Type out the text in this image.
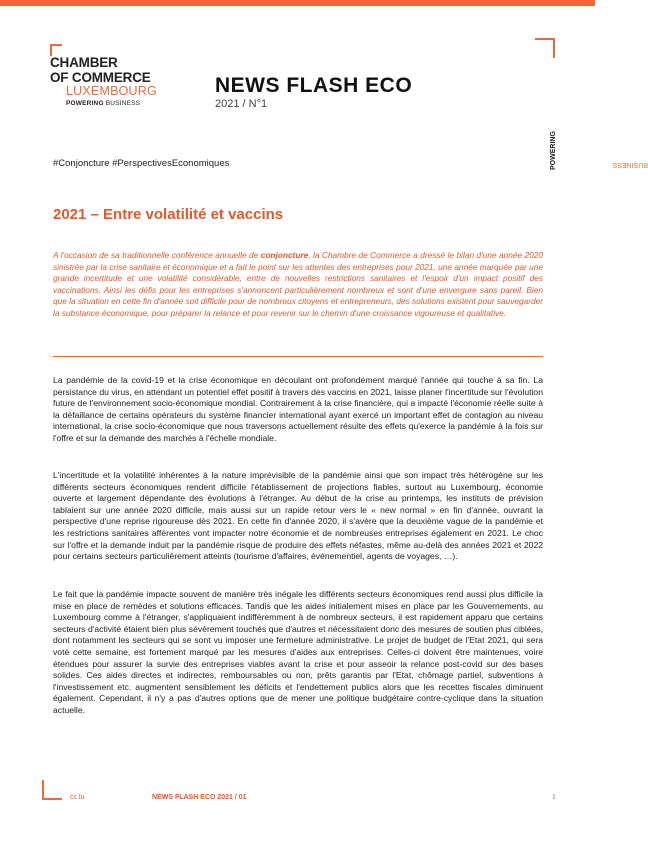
CHAMBER
OF COMMERCE
LUXEMBOURG
POWERING BUSINESS
NEWS FLASH ECO
2021 / N°1
POWERING	BUSINESS
#Conjoncture #PerspectivesEconomiques
2021 – Entre volatilité et vaccins
A l'occasion de sa traditionnelle conférence annuelle de conjoncture, la Chambre de Commerce a dressé le bilan d'une année 2020 sinistrée par la crise sanitaire et économique et a fait le point sur les attentes des entreprises pour 2021, une année marquée par une grande incertitude et une volatilité considérable, entre de nouvelles restrictions sanitaires et l'espoir d'un impact positif des vaccinations. Ainsi les défis pour les entreprises s'annoncent particulièrement nombreux et sont d'une envergure sans pareil. Bien que la situation en cette fin d'année soit difficile pour de nombreux citoyens et entrepreneurs, des solutions existent pour sauvegarder la substance économique, pour préparer la relance et pour revenir sur le chemin d'une croissance vigoureuse et qualitative.
La pandémie de la covid-19 et la crise économique en découlant ont profondément marqué l'année qui touche à sa fin. La persistance du virus, en attendant un potentiel effet positif à travers des vaccins en 2021, laisse planer l'incertitude sur l'évolution future de l'environnement socio-économique mondial. Contrairement à la crise financière, qui a impacté l'économie réelle suite à la défaillance de certains opérateurs du système financier international ayant exercé un important effet de contagion au niveau international, la crise socio-économique que nous traversons actuellement résulte des effets qu'exerce la pandémie à la fois sur l'offre et sur la demande des marchés à l'échelle mondiale.
L'incertitude et la volatilité inhérentes à la nature imprévisible de la pandémie ainsi que son impact très hétérogène sur les différents secteurs économiques rendent difficile l'établissement de projections fiables, surtout au Luxembourg, économie ouverte et largement dépendante des évolutions à l'étranger. Au début de la crise au printemps, les instituts de prévision tablaient sur une année 2020 difficile, mais aussi sur un rapide retour vers le « new normal » en fin d'année, ouvrant la perspective d'une reprise rigoureuse dès 2021. En cette fin d'année 2020, il s'avère que la deuxième vague de la pandémie et les restrictions sanitaires afférentes vont impacter notre économie et de nombreuses entreprises également en 2021. Le choc sur l'offre et la demande induit par la pandémie risque de produire des effets néfastes, même au-delà des années 2021 et 2022 pour certains secteurs particulièrement atteints (tourisme d'affaires, événementiel, agents de voyages, …).
Le fait que la pandémie impacte souvent de manière très inégale les différents secteurs économiques rend aussi plus difficile la mise en place de remèdes et solutions efficaces. Tandis que les aides initialement mises en place par les Gouvernements, au Luxembourg comme à l'étranger, s'appliquaient indifféremment à de nombreux secteurs, il est rapidement apparu que certains secteurs d'activité étaient bien plus sévèrement touchés que d'autres et nécessitaient donc des mesures de soutien plus ciblées, dont notamment les secteurs qui se sont vu imposer une fermeture administrative. Le projet de budget de l'Etat 2021, qui sera voté cette semaine, est fortement marqué par les mesures d'aides aux entreprises. Celles-ci doivent être maintenues, voire étendues pour assurer la survie des entreprises viables avant la crise et pour asseoir la relance post-covid sur des bases solides. Ces aides directes et indirectes, remboursables ou non, prêts garantis par l'Etat, chômage partiel, subventions à l'investissement etc. augmentent sensiblement les déficits et l'endettement publics alors que les recettes fiscales diminuent également. Cependant, il n'y a pas d'autres options que de mener une politique budgétaire contre-cyclique dans la situation actuelle.
cc.lu	NEWS FLASH ECO 2021 / 01	1
